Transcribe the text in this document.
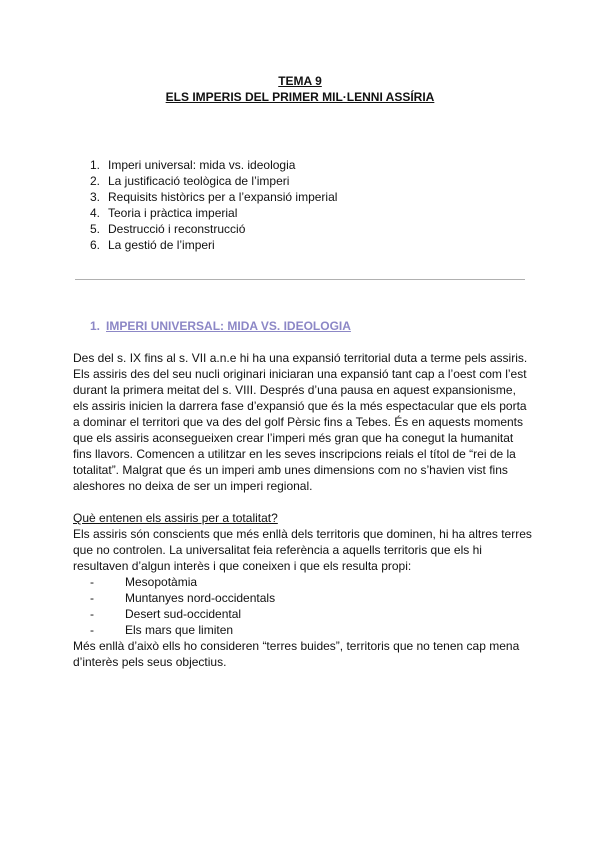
TEMA 9
ELS IMPERIS DEL PRIMER MIL·LENNI ASSÍRIA
1. Imperi universal: mida vs. ideologia
2. La justificació teològica de l’imperi
3. Requisits històrics per a l’expansió imperial
4. Teoria i pràctica imperial
5. Destrucció i reconstrucció
6. La gestió de l’imperi
1. IMPERI UNIVERSAL: MIDA VS. IDEOLOGIA

Des del s. IX fins al s. VII a.n.e hi ha una expansió territorial duta a terme pels assiris. Els assiris des del seu nucli originari iniciaran una expansió tant cap a l’oest com l’est durant la primera meitat del s. VIII. Després d’una pausa en aquest expansionisme, els assiris inicien la darrera fase d’expansió que és la més espectacular que els porta a dominar el territori que va des del golf Pèrsic fins a Tebes. És en aquests moments que els assiris aconsegueixen crear l’imperi més gran que ha conegut la humanitat fins llavors. Comencen a utilitzar en les seves inscripcions reials el títol de “rei de la totalitat”. Malgrat que és un imperi amb unes dimensions com no s’havien vist fins aleshores no deixa de ser un imperi regional.

Què entenen els assiris per a totalitat?

Els assiris són conscients que més enllà dels territoris que dominen, hi ha altres terres que no controlen. La universalitat feia referència a aquells territoris que els hi resultaven d’algun interès i que coneixen i que els resulta propi:

-	Mesopotàmia
-	Muntanyes nord-occidentals
-	Desert sud-occidental
-	Els mars que limiten

Més enllà d’això ells ho consideren “terres buides”, territoris que no tenen cap mena d’interès pels seus objectius.
